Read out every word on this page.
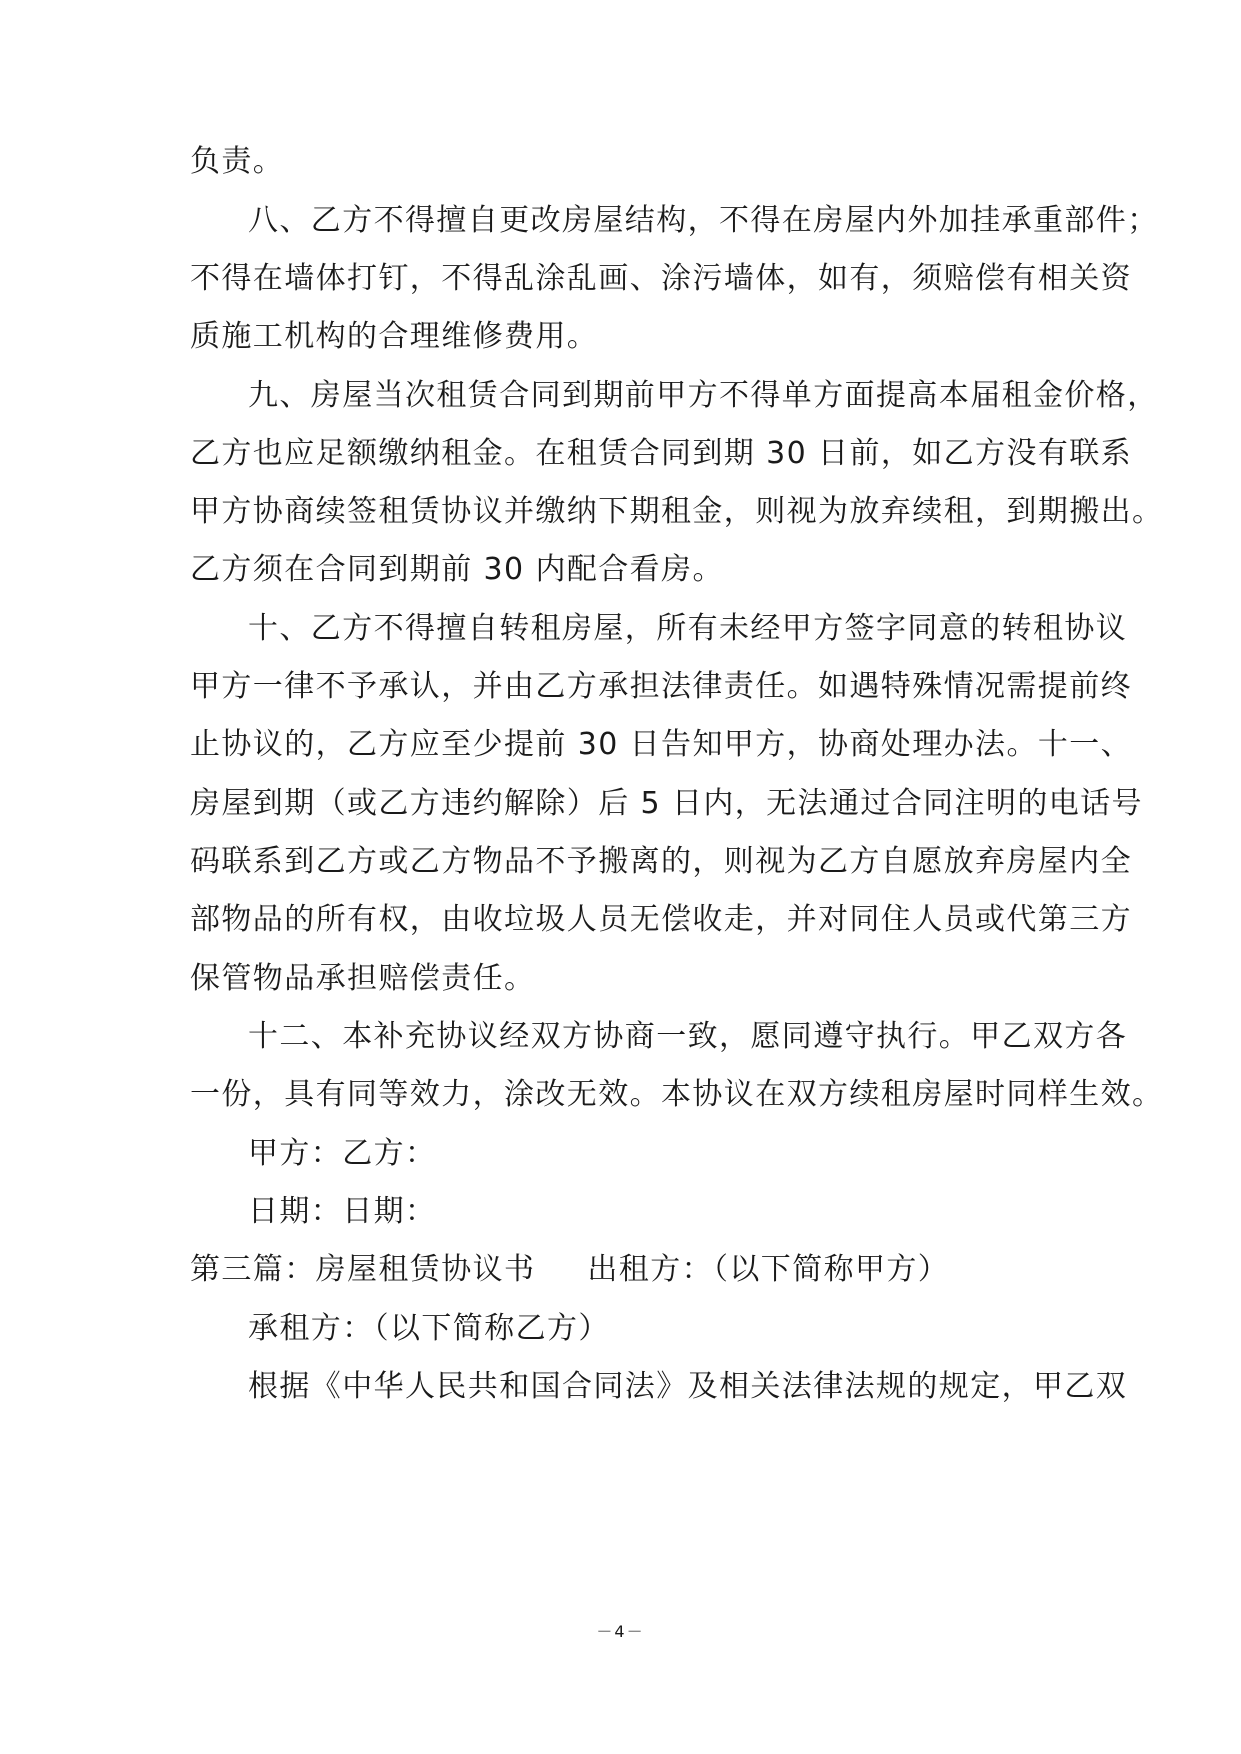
负责。
八、乙方不得擅自更改房屋结构，不得在房屋内外加挂承重部件；
不得在墙体打钉，不得乱涂乱画、涂污墙体，如有，须赔偿有相关资
质施工机构的合理维修费用。
九、房屋当次租赁合同到期前甲方不得单方面提高本届租金价格，
乙方也应足额缴纳租金。在租赁合同到期 30 日前，如乙方没有联系
甲方协商续签租赁协议并缴纳下期租金，则视为放弃续租，到期搬出。
乙方须在合同到期前 30 内配合看房。
十、乙方不得擅自转租房屋，所有未经甲方签字同意的转租协议
甲方一律不予承认，并由乙方承担法律责任。如遇特殊情况需提前终
止协议的，乙方应至少提前 30 日告知甲方，协商处理办法。十一、
房屋到期（或乙方违约解除）后 5 日内，无法通过合同注明的电话号
码联系到乙方或乙方物品不予搬离的，则视为乙方自愿放弃房屋内全
部物品的所有权，由收垃圾人员无偿收走，并对同住人员或代第三方
保管物品承担赔偿责任。
十二、本补充协议经双方协商一致，愿同遵守执行。甲乙双方各
一份，具有同等效力，涂改无效。本协议在双方续租房屋时同样生效。
甲方：乙方：
日期：日期：
第三篇：房屋租赁协议书 出租方：（以下简称甲方）
承租方：（以下简称乙方）
根据《中华人民共和国合同法》及相关法律法规的规定，甲乙双
－4－
